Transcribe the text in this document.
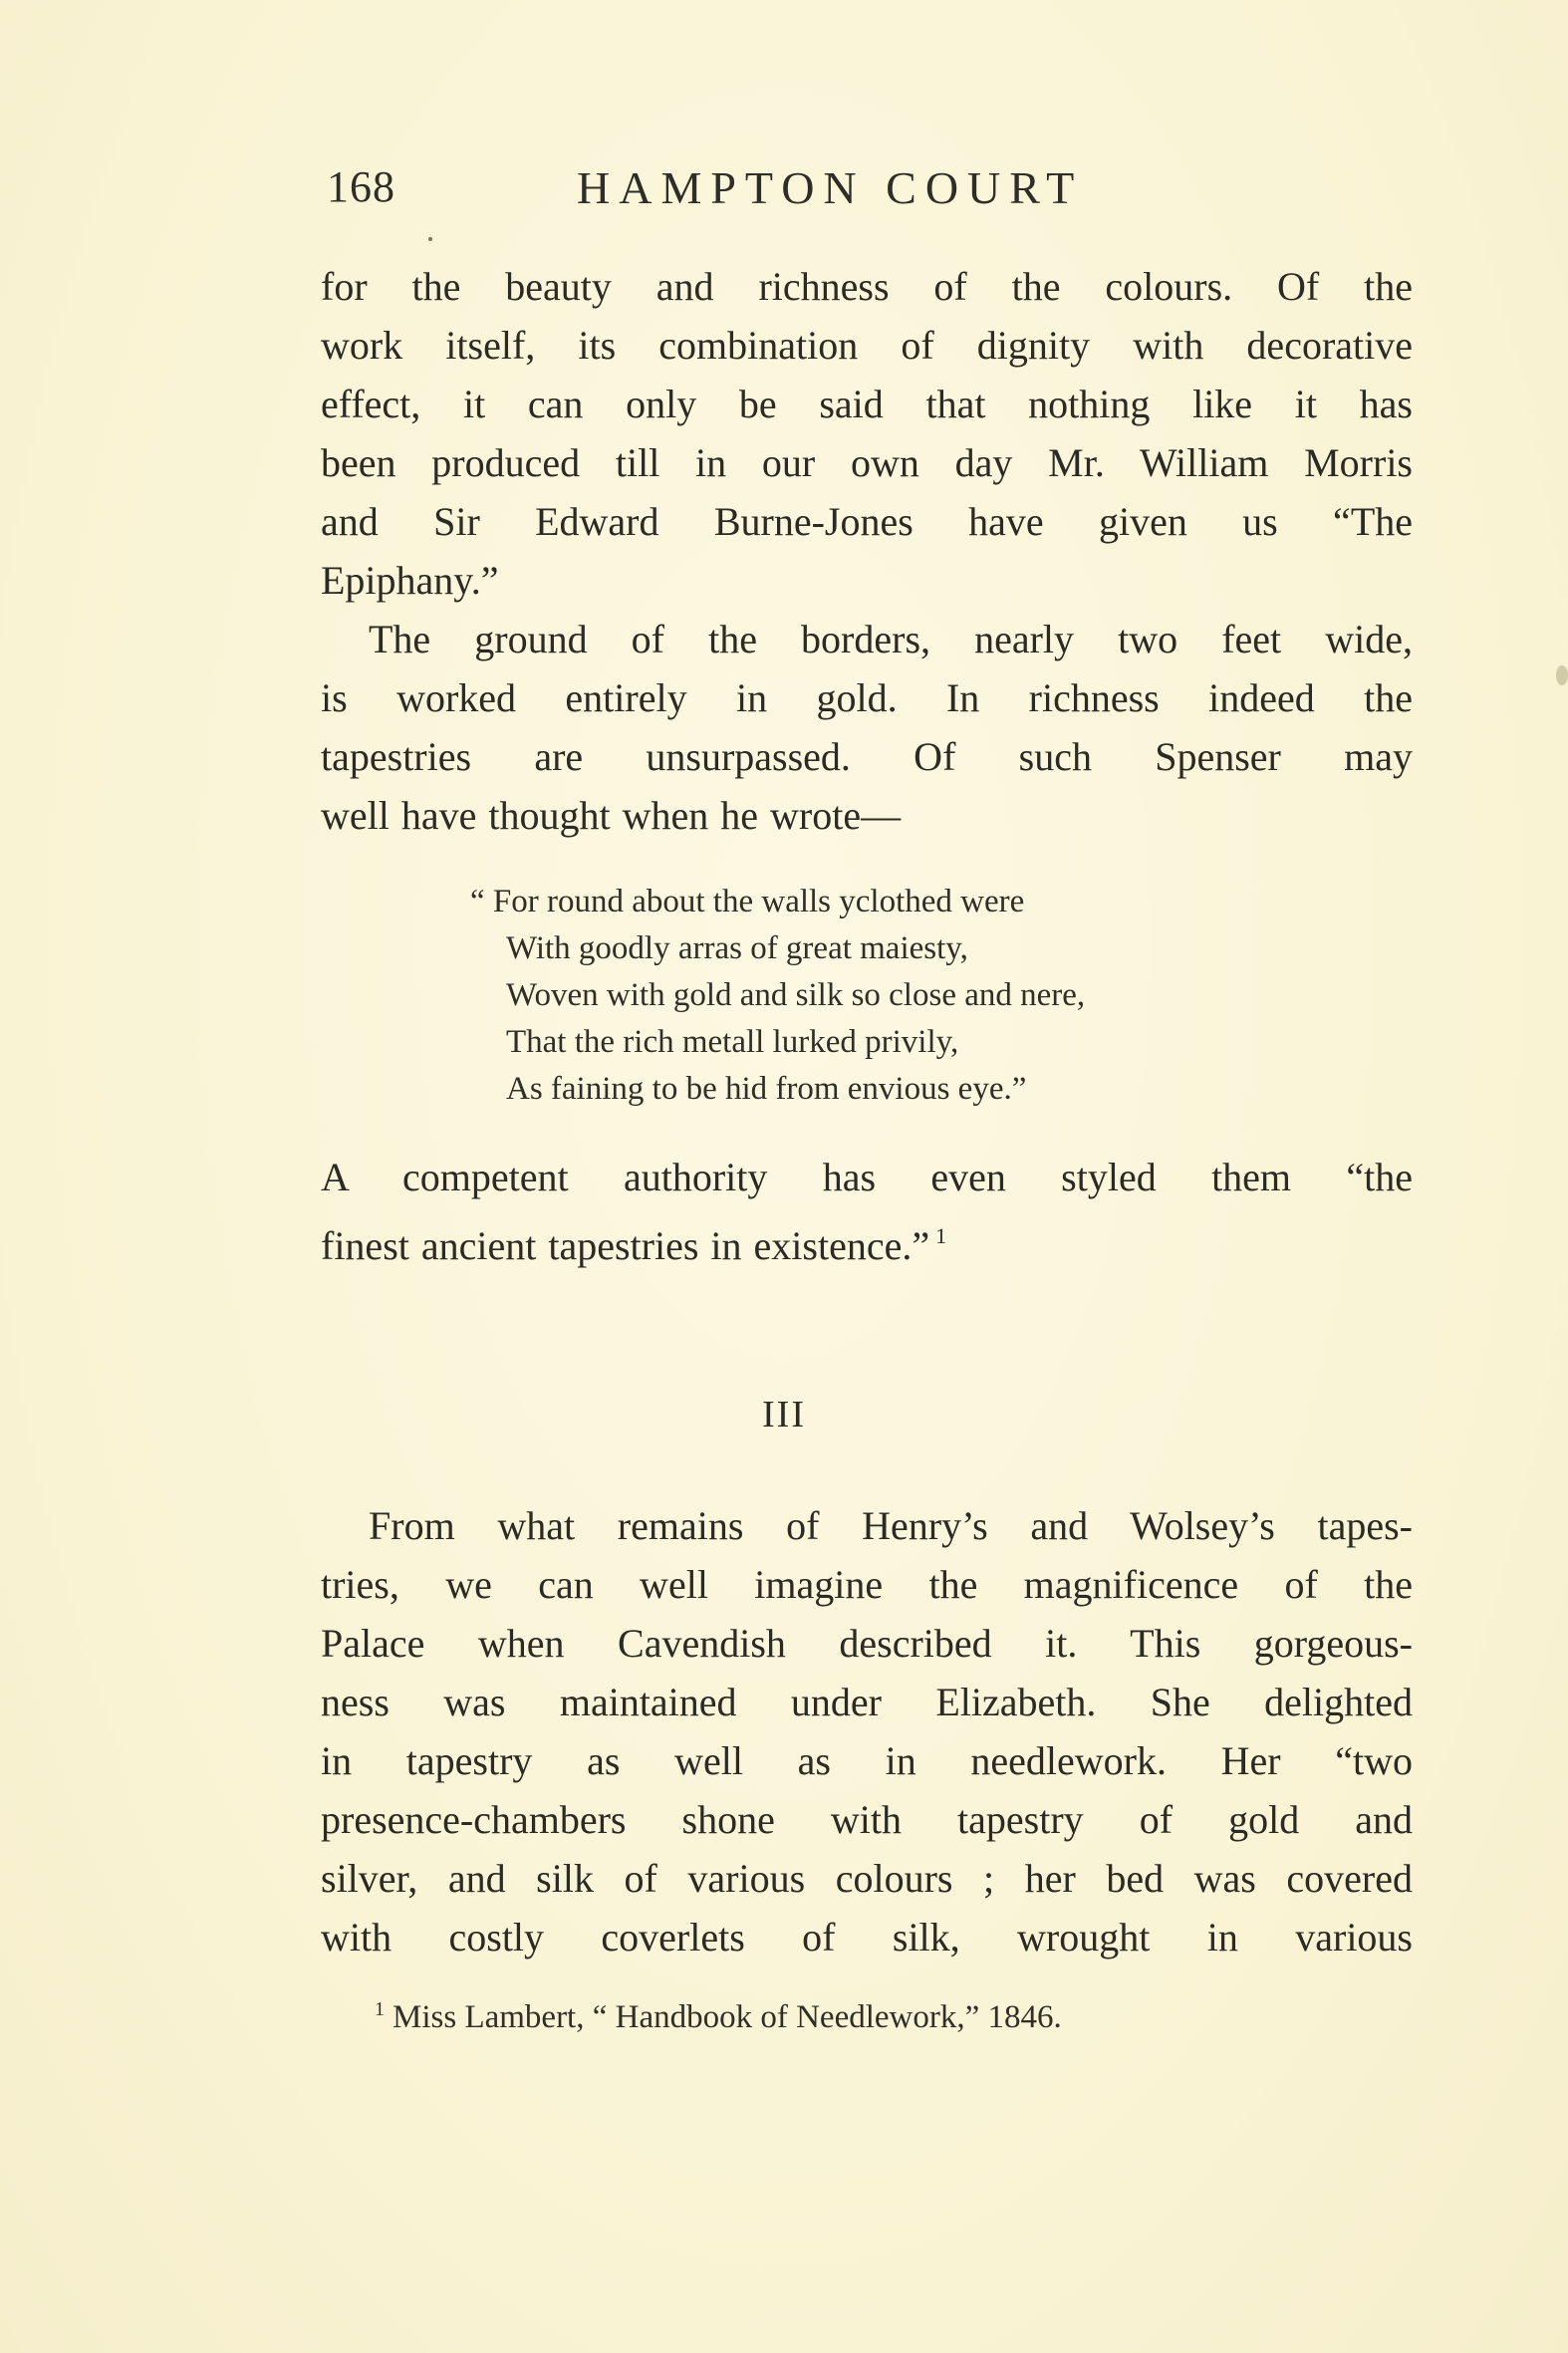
168	HAMPTON COURT
for the beauty and richness of the colours. Of the
work itself, its combination of dignity with decorative
effect, it can only be said that nothing like it has
been produced till in our own day Mr. William Morris
and Sir Edward Burne-Jones have given us “The
Epiphany.”
The ground of the borders, nearly two feet wide,
is worked entirely in gold. In richness indeed the
tapestries are unsurpassed. Of such Spenser may
well have thought when he wrote—
“ For round about the walls yclothed were
With goodly arras of great maiesty,
Woven with gold and silk so close and nere,
That the rich metall lurked privily,
As faining to be hid from envious eye.”
A competent authority has even styled them “the
finest ancient tapestries in existence.” $^1$
III
From what remains of Henry’s and Wolsey’s tapes-
tries, we can well imagine the magnificence of the
Palace when Cavendish described it. This gorgeous-
ness was maintained under Elizabeth. She delighted
in tapestry as well as in needlework. Her “two
presence-chambers shone with tapestry of gold and
silver, and silk of various colours ; her bed was covered
with costly coverlets of silk, wrought in various
$^1$ Miss Lambert, “ Handbook of Needlework,” 1846.
